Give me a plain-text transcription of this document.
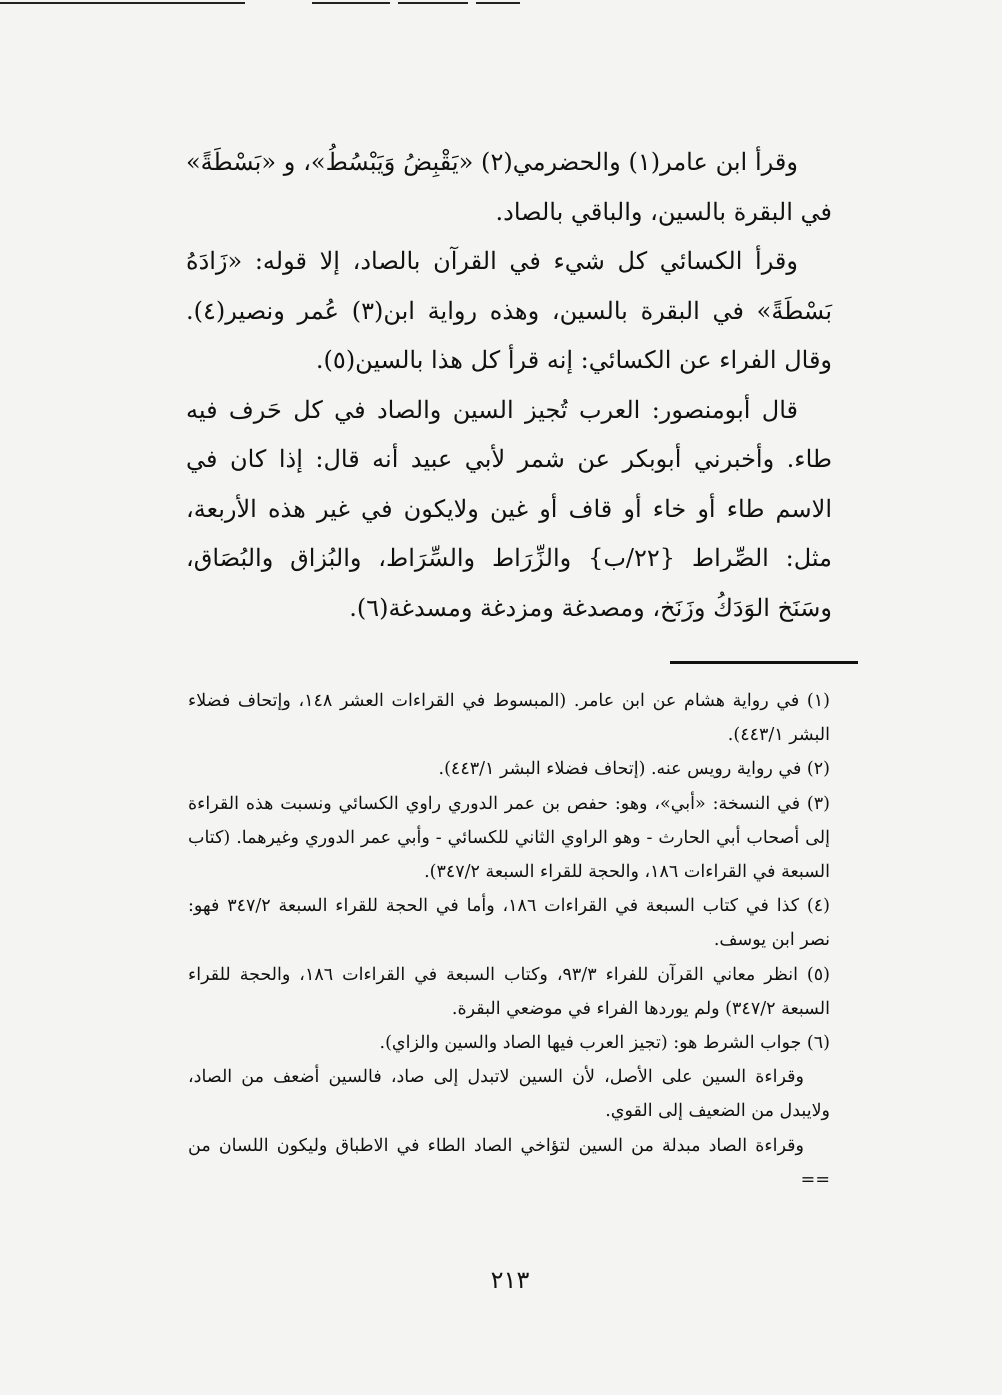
وقرأ ابن عامر(١) والحضرمي(٢) «يَقْبِضُ وَيَبْسُطُ»، و «بَسْطَةً» في البقرة بالسين، والباقي بالصاد.

وقرأ الكسائي كل شيء في القرآن بالصاد، إلا قوله: «زَادَهُ بَسْطَةً» في البقرة بالسين، وهذه رواية ابن(٣) عُمر ونصير(٤). وقال الفراء عن الكسائي: إنه قرأ كل هذا بالسين(٥).

قال أبومنصور: العرب تُجيز السين والصاد في كل حَرف فيه طاء. وأخبرني أبوبكر عن شمر لأبي عبيد أنه قال: إذا كان في الاسم طاء أو خاء أو قاف أو غين ولايكون في غير هذه الأربعة، مثل: الصِّراط {٢٢/ب} والزِّرَاط والسِّرَاط، والبُزاق والبُصَاق، وسَنَخ الوَدَكُ وزَنَخ، ومصدغة ومزدغة ومسدغة(٦).

(١) في رواية هشام عن ابن عامر. (المبسوط في القراءات العشر ١٤٨، وإتحاف فضلاء البشر ٤٤٣/١).

(٢) في رواية رويس عنه. (إتحاف فضلاء البشر ٤٤٣/١).

(٣) في النسخة: «أبي»، وهو: حفص بن عمر الدوري راوي الكسائي ونسبت هذه القراءة إلى أصحاب أبي الحارث - وهو الراوي الثاني للكسائي - وأبي عمر الدوري وغيرهما. (كتاب السبعة في القراءات ١٨٦، والحجة للقراء السبعة ٣٤٧/٢).

(٤) كذا في كتاب السبعة في القراءات ١٨٦، وأما في الحجة للقراء السبعة ٣٤٧/٢ فهو: نصر ابن يوسف.

(٥) انظر معاني القرآن للفراء ٩٣/٣، وكتاب السبعة في القراءات ١٨٦، والحجة للقراء السبعة ٣٤٧/٢) ولم يوردها الفراء في موضعي البقرة.

(٦) جواب الشرط هو: (تجيز العرب فيها الصاد والسين والزاي).

وقراءة السين على الأصل، لأن السين لاتبدل إلى صاد، فالسين أضعف من الصاد، ولايبدل من الضعيف إلى القوي.

وقراءة الصاد مبدلة من السين لتؤاخي الصاد الطاء في الاطباق وليكون اللسان من ==

٢١٣
